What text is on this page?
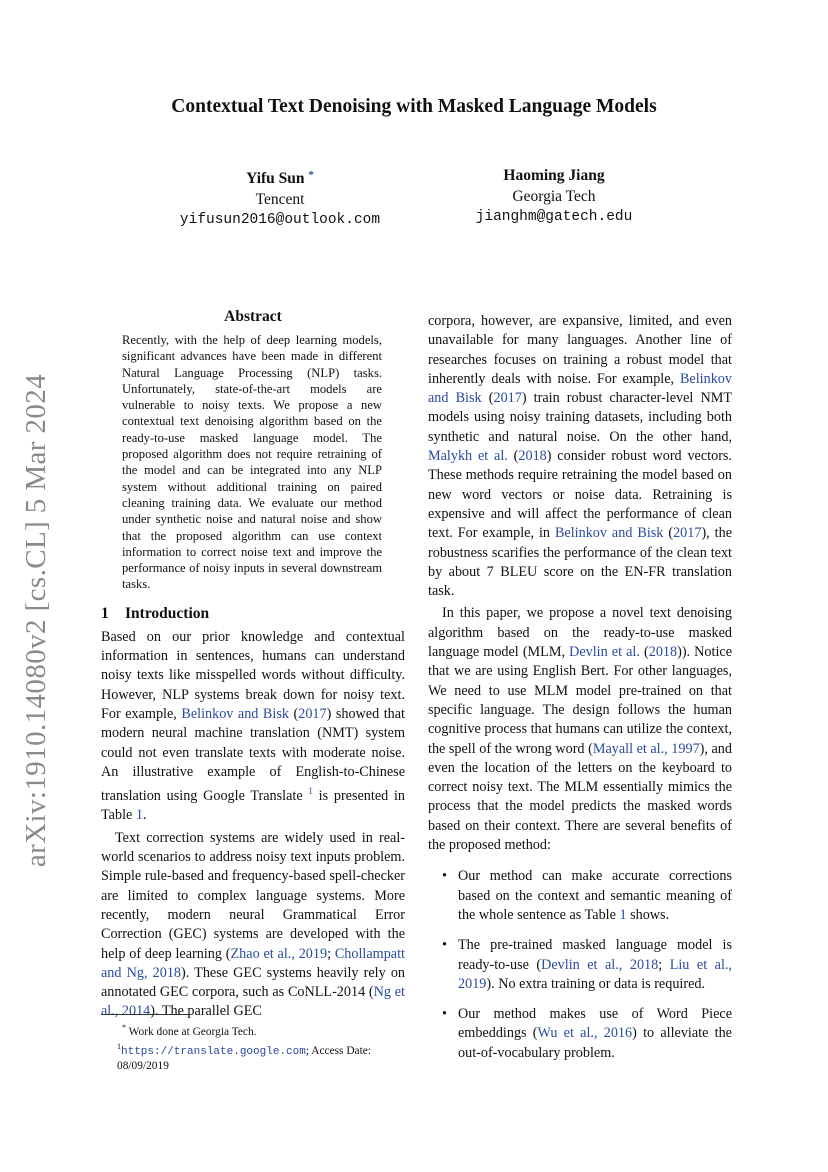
arXiv:1910.14080v2 [cs.CL] 5 Mar 2024
Contextual Text Denoising with Masked Language Models
Yifu Sun *
Tencent
yifusun2016@outlook.com
Haoming Jiang
Georgia Tech
jianghm@gatech.edu
Abstract
Recently, with the help of deep learning models, significant advances have been made in different Natural Language Processing (NLP) tasks. Unfortunately, state-of-the-art models are vulnerable to noisy texts. We propose a new contextual text denoising algorithm based on the ready-to-use masked language model. The proposed algorithm does not require retraining of the model and can be integrated into any NLP system without additional training on paired cleaning training data. We evaluate our method under synthetic noise and natural noise and show that the proposed algorithm can use context information to correct noise text and improve the performance of noisy inputs in several downstream tasks.
1 Introduction

Based on our prior knowledge and contextual information in sentences, humans can understand noisy texts like misspelled words without difficulty. However, NLP systems break down for noisy text. For example, Belinkov and Bisk (2017) showed that modern neural machine translation (NMT) system could not even translate texts with moderate noise. An illustrative example of English-to-Chinese translation using Google Translate $^1$ is presented in Table 1.

Text correction systems are widely used in real-world scenarios to address noisy text inputs problem. Simple rule-based and frequency-based spell-checker are limited to complex language systems. More recently, modern neural Grammatical Error Correction (GEC) systems are developed with the help of deep learning (Zhao et al., 2019; Chollampatt and Ng, 2018). These GEC systems heavily rely on annotated GEC corpora, such as CoNLL-2014 (Ng et al., 2014). The parallel GEC

* Work done at Georgia Tech.
$^1$https://translate.google.com; Access Date: 08/09/2019

corpora, however, are expansive, limited, and even unavailable for many languages. Another line of researches focuses on training a robust model that inherently deals with noise. For example, Belinkov and Bisk (2017) train robust character-level NMT models using noisy training datasets, including both synthetic and natural noise. On the other hand, Malykh et al. (2018) consider robust word vectors. These methods require retraining the model based on new word vectors or noise data. Retraining is expensive and will affect the performance of clean text. For example, in Belinkov and Bisk (2017), the robustness scarifies the performance of the clean text by about 7 BLEU score on the EN-FR translation task.

In this paper, we propose a novel text denoising algorithm based on the ready-to-use masked language model (MLM, Devlin et al. (2018)). Notice that we are using English Bert. For other languages, We need to use MLM model pre-trained on that specific language. The design follows the human cognitive process that humans can utilize the context, the spell of the wrong word (Mayall et al., 1997), and even the location of the letters on the keyboard to correct noisy text. The MLM essentially mimics the process that the model predicts the masked words based on their context. There are several benefits of the proposed method:

• Our method can make accurate corrections based on the context and semantic meaning of the whole sentence as Table 1 shows.
• The pre-trained masked language model is ready-to-use (Devlin et al., 2018; Liu et al., 2019). No extra training or data is required.
• Our method makes use of Word Piece embeddings (Wu et al., 2016) to alleviate the out-of-vocabulary problem.
